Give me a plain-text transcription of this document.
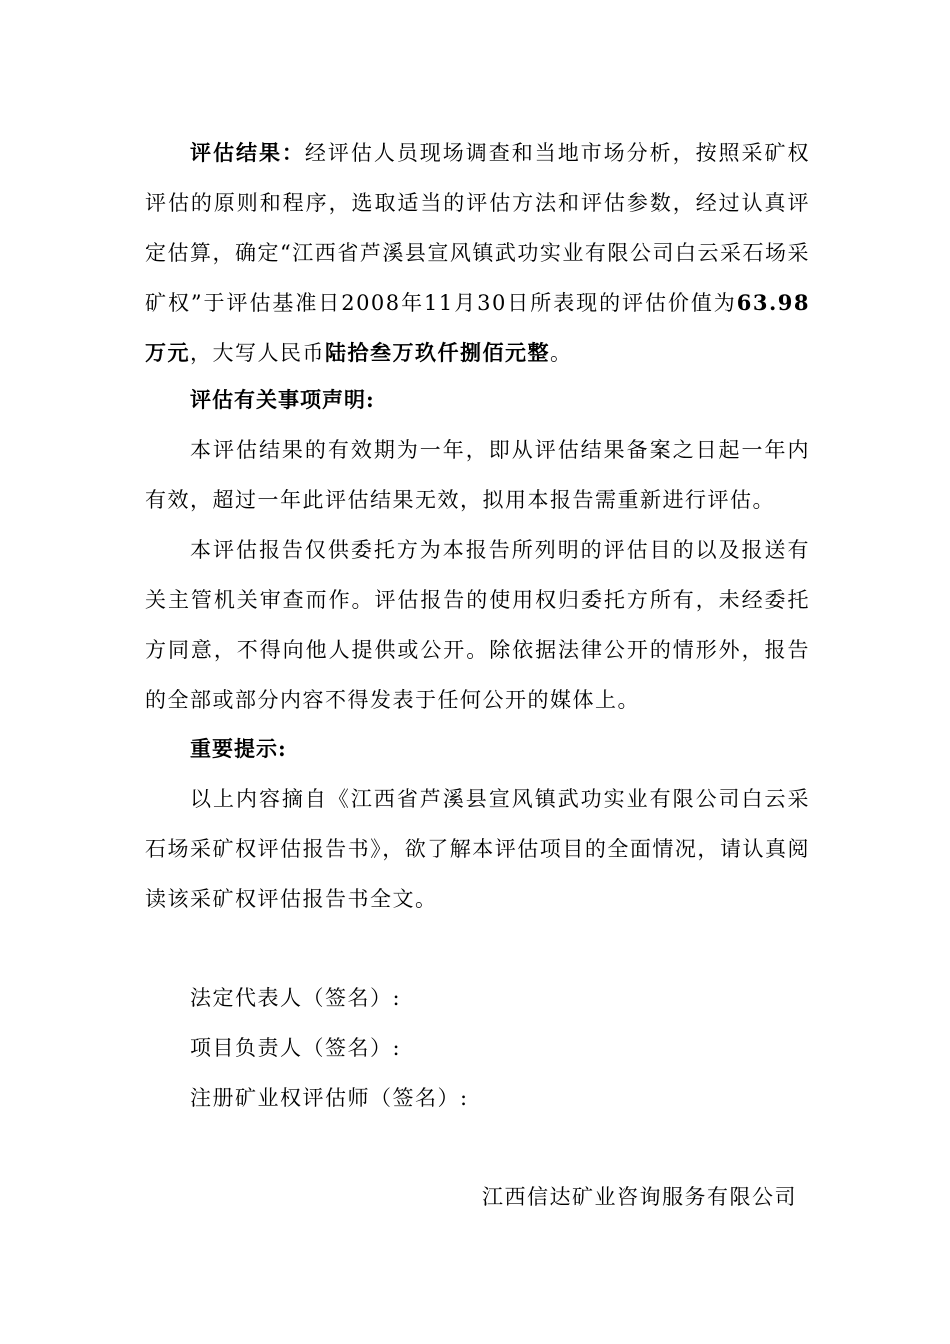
评估结果：经评估人员现场调查和当地市场分析，按照采矿权评估的原则和程序，选取适当的评估方法和评估参数，经过认真评定估算，确定“江西省芦溪县宣风镇武功实业有限公司白云采石场采矿权”于评估基准日2008年11月30日所表现的评估价值为63.98万元，大写人民币陆拾叁万玖仟捌佰元整。

评估有关事项声明:

本评估结果的有效期为一年，即从评估结果备案之日起一年内有效，超过一年此评估结果无效，拟用本报告需重新进行评估。

本评估报告仅供委托方为本报告所列明的评估目的以及报送有关主管机关审查而作。评估报告的使用权归委托方所有，未经委托方同意，不得向他人提供或公开。除依据法律公开的情形外，报告的全部或部分内容不得发表于任何公开的媒体上。

重要提示:

以上内容摘自《江西省芦溪县宣风镇武功实业有限公司白云采石场采矿权评估报告书》，欲了解本评估项目的全面情况，请认真阅读该采矿权评估报告书全文。

法定代表人（签名）:

项目负责人（签名）:

注册矿业权评估师（签名）:

江西信达矿业咨询服务有限公司
